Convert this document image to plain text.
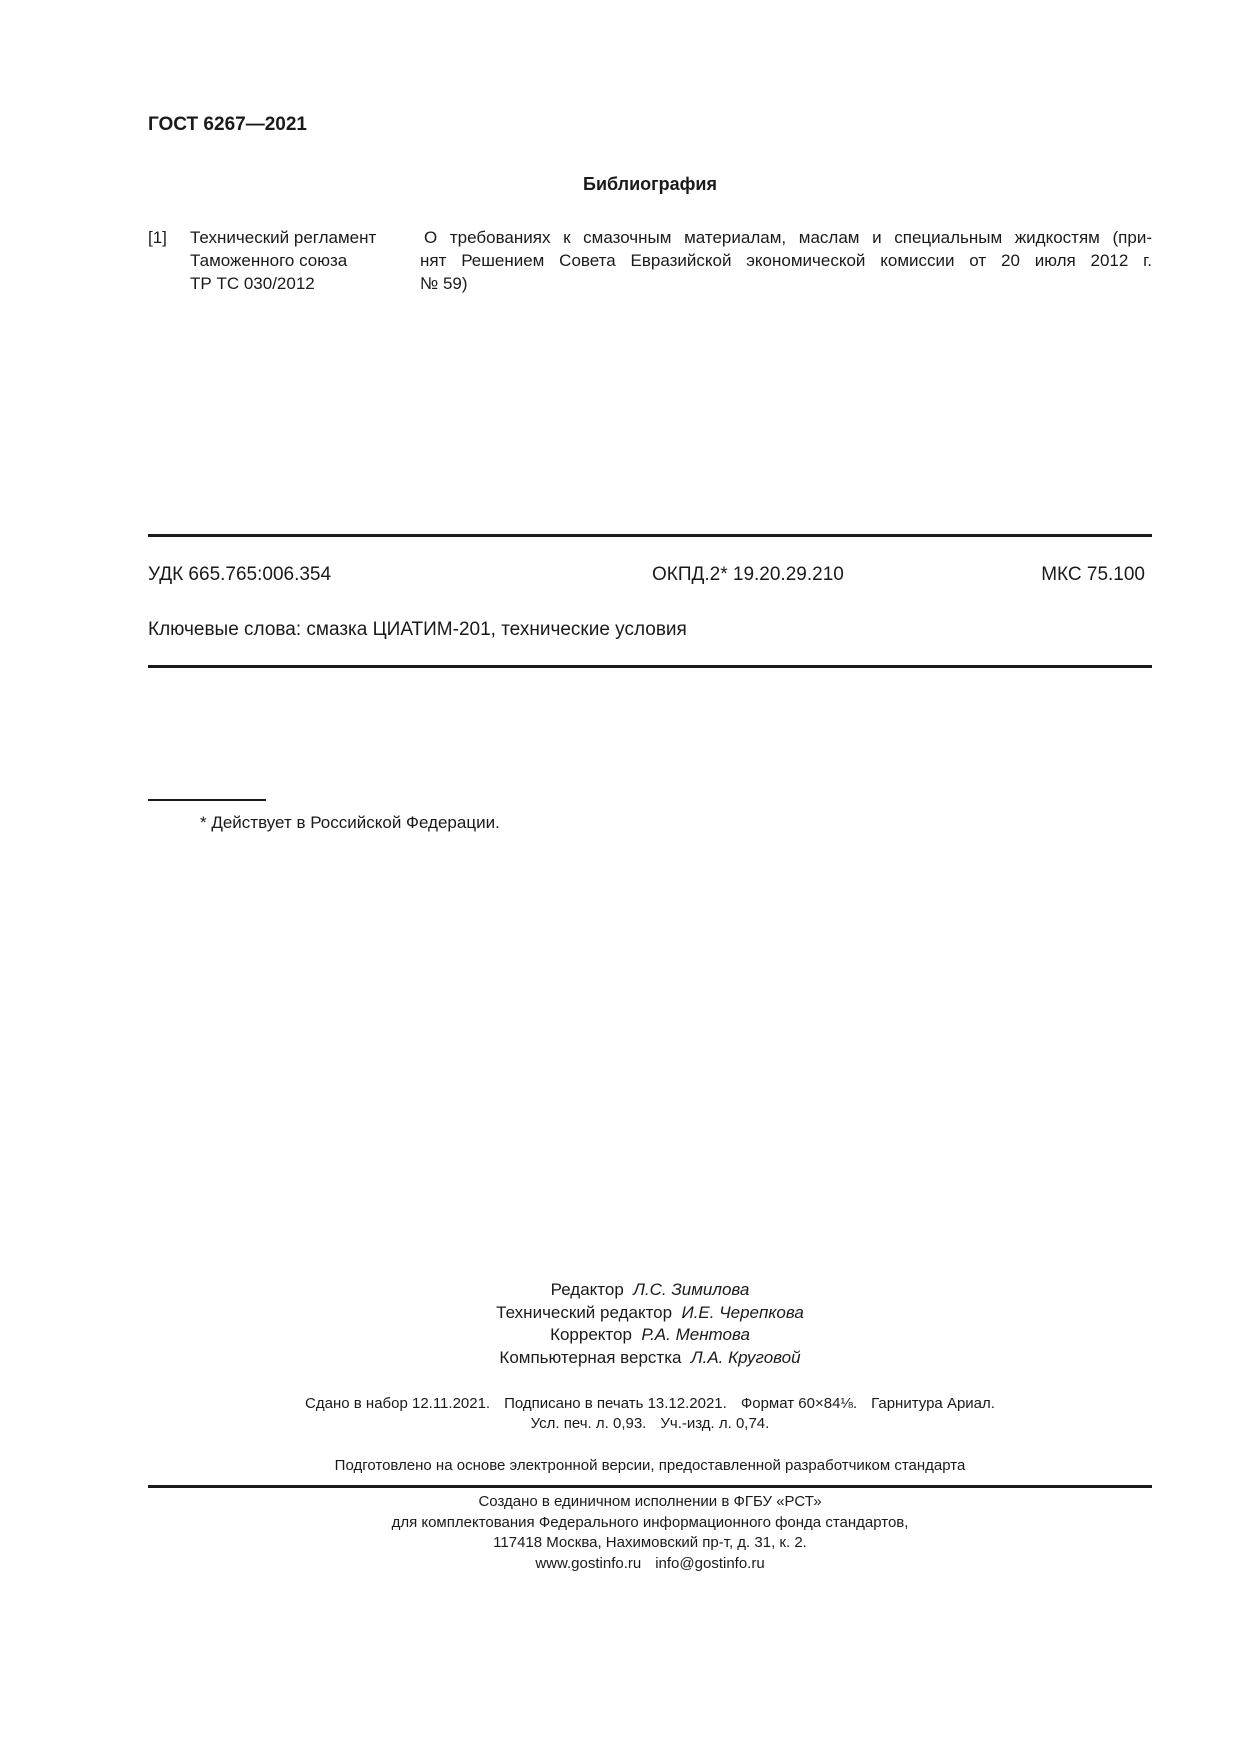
ГОСТ 6267—2021
Библиография
[1] Технический регламент
Таможенного союза
ТР ТС 030/2012
О требованиях к смазочным материалам, маслам и специальным жидкостям (при-
нят Решением Совета Евразийской экономической комиссии от 20 июля 2012 г.
№ 59)
УДК 665.765:006.354	ОКПД.2* 19.20.29.210	МКС 75.100
Ключевые слова: смазка ЦИАТИМ-201, технические условия
* Действует в Российской Федерации.
Редактор Л.С. Зимилова
Технический редактор И.Е. Черепкова
Корректор Р.А. Ментова
Компьютерная верстка Л.А. Круговой
Сдано в набор 12.11.2021. Подписано в печать 13.12.2021. Формат 60×84⅛. Гарнитура Ариал.
Усл. печ. л. 0,93. Уч.-изд. л. 0,74.
Подготовлено на основе электронной версии, предоставленной разработчиком стандарта
Создано в единичном исполнении в ФГБУ «РСТ»
для комплектования Федерального информационного фонда стандартов,
117418 Москва, Нахимовский пр-т, д. 31, к. 2.
www.gostinfo.ru info@gostinfo.ru
